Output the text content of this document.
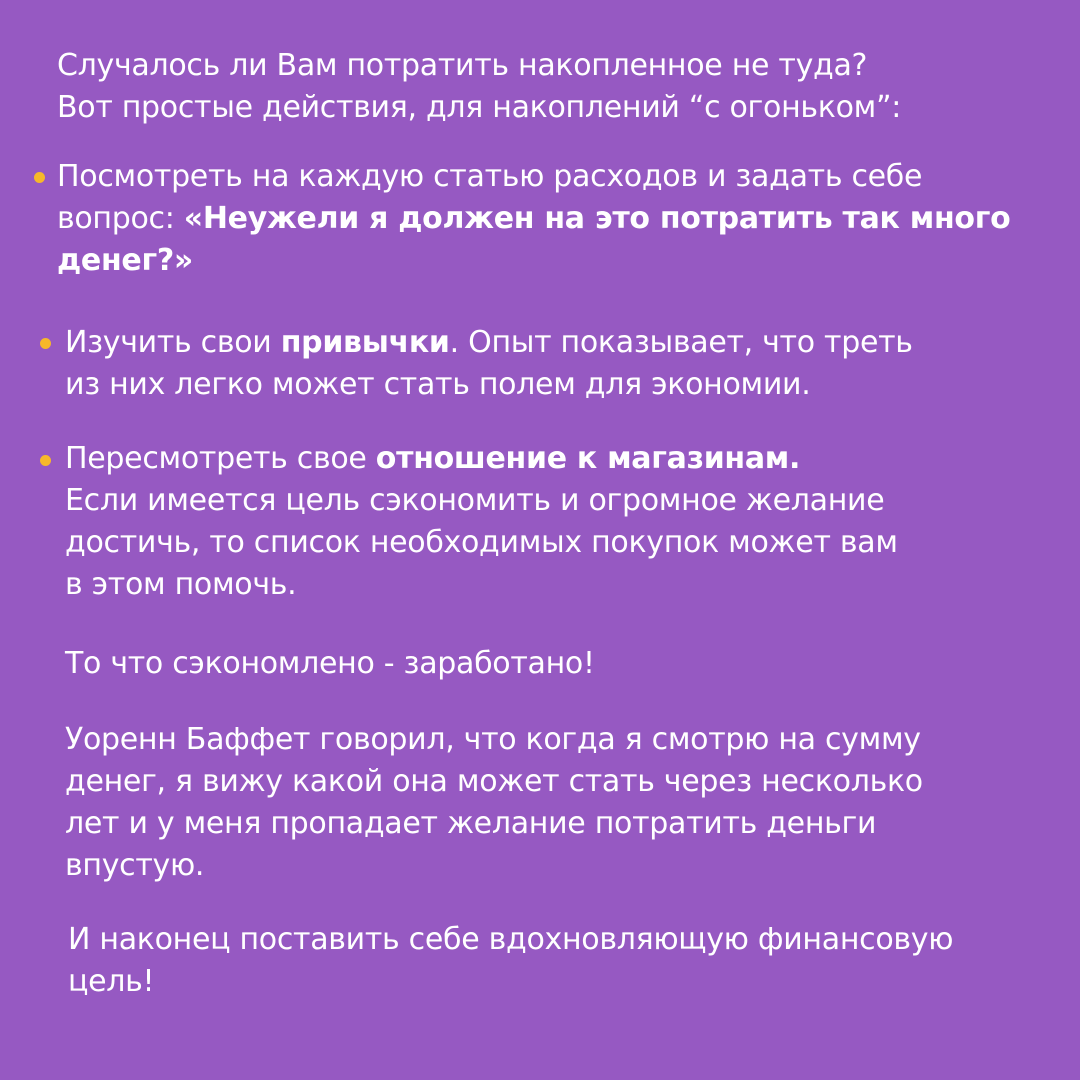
Случалось ли Вам потратить накопленное не туда?
Вот простые действия, для накоплений “с огоньком”:

Посмотреть на каждую статью расходов и задать себе
вопрос: «Неужели я должен на это потратить так много
денег?»

Изучить свои привычки. Опыт показывает, что треть
из них легко может стать полем для экономии.

Пересмотреть свое отношение к магазинам.
Если имеется цель сэкономить и огромное желание
достичь, то список необходимых покупок может вам
в этом помочь.

То что сэкономлено - заработано!

Уоренн Баффет говорил, что когда я смотрю на сумму
денег, я вижу какой она может стать через несколько
лет и у меня пропадает желание потратить деньги
впустую.

И наконец поставить себе вдохновляющую финансовую
цель!
